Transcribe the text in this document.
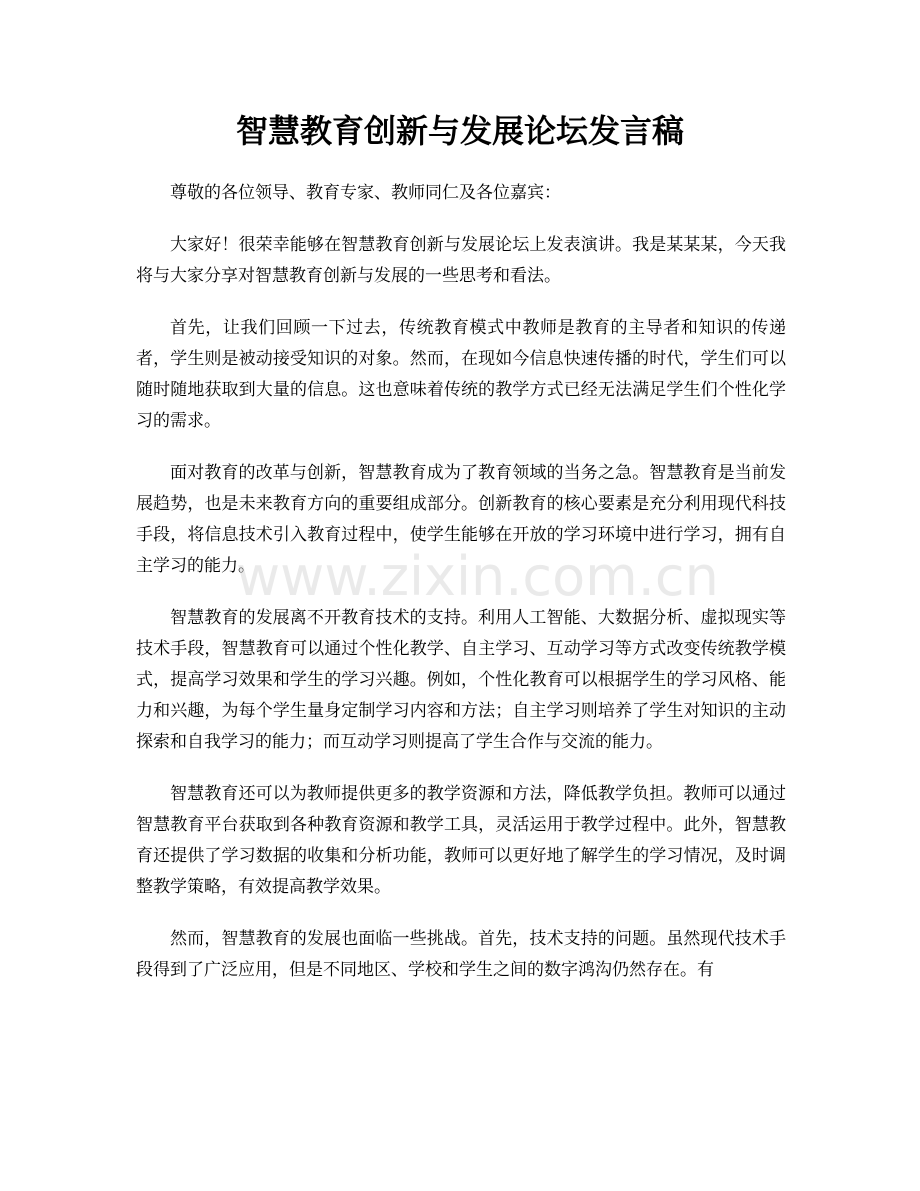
智慧教育创新与发展论坛发言稿

尊敬的各位领导、教育专家、教师同仁及各位嘉宾：

大家好！很荣幸能够在智慧教育创新与发展论坛上发表演讲。我是某某某，今天我将与大家分享对智慧教育创新与发展的一些思考和看法。

首先，让我们回顾一下过去，传统教育模式中教师是教育的主导者和知识的传递者，学生则是被动接受知识的对象。然而，在现如今信息快速传播的时代，学生们可以随时随地获取到大量的信息。这也意味着传统的教学方式已经无法满足学生们个性化学习的需求。

面对教育的改革与创新，智慧教育成为了教育领域的当务之急。智慧教育是当前发展趋势，也是未来教育方向的重要组成部分。创新教育的核心要素是充分利用现代科技手段，将信息技术引入教育过程中，使学生能够在开放的学习环境中进行学习，拥有自主学习的能力。

智慧教育的发展离不开教育技术的支持。利用人工智能、大数据分析、虚拟现实等技术手段，智慧教育可以通过个性化教学、自主学习、互动学习等方式改变传统教学模式，提高学习效果和学生的学习兴趣。例如，个性化教育可以根据学生的学习风格、能力和兴趣，为每个学生量身定制学习内容和方法；自主学习则培养了学生对知识的主动探索和自我学习的能力；而互动学习则提高了学生合作与交流的能力。

智慧教育还可以为教师提供更多的教学资源和方法，降低教学负担。教师可以通过智慧教育平台获取到各种教育资源和教学工具，灵活运用于教学过程中。此外，智慧教育还提供了学习数据的收集和分析功能，教师可以更好地了解学生的学习情况，及时调整教学策略，有效提高教学效果。

然而，智慧教育的发展也面临一些挑战。首先，技术支持的问题。虽然现代技术手段得到了广泛应用，但是不同地区、学校和学生之间的数字鸿沟仍然存在。有

www.zixin.com.cn
